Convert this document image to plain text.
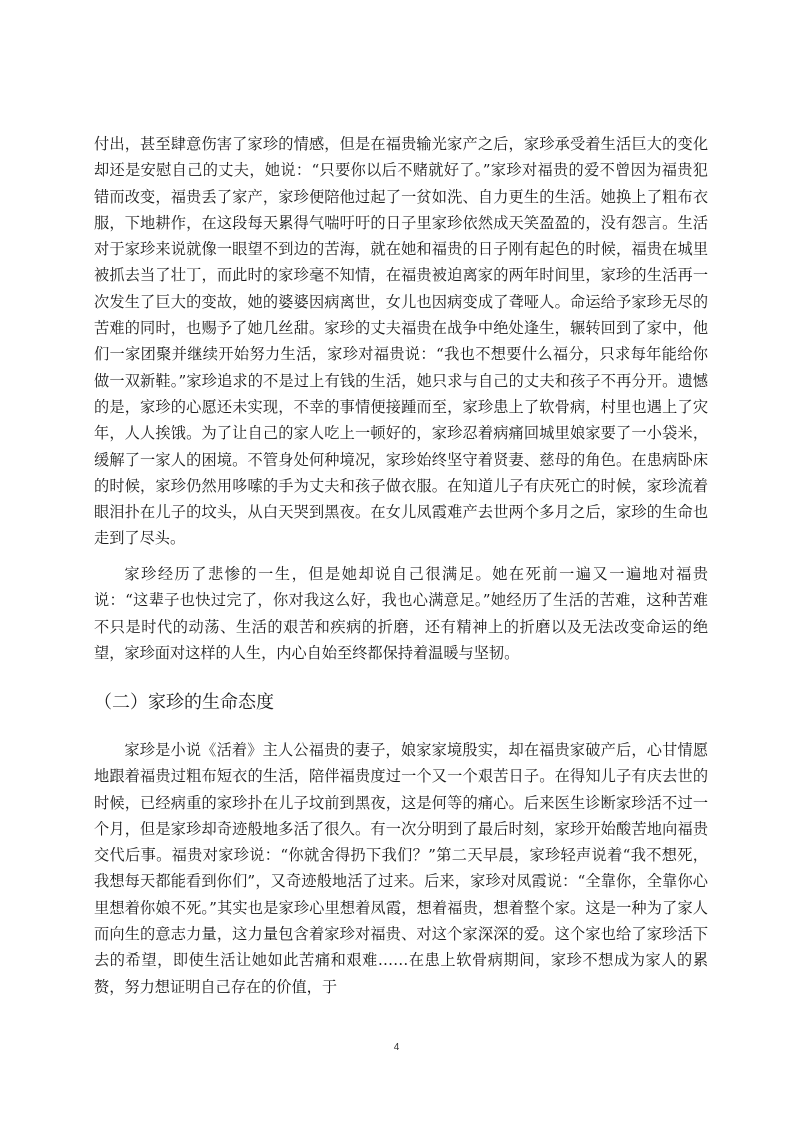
付出，甚至肆意伤害了家珍的情感，但是在福贵输光家产之后，家珍承受着生活巨大的变化却还是安慰自己的丈夫，她说：“只要你以后不赌就好了。”家珍对福贵的爱不曾因为福贵犯错而改变，福贵丢了家产，家珍便陪他过起了一贫如洗、自力更生的生活。她换上了粗布衣服，下地耕作，在这段每天累得气喘吁吁的日子里家珍依然成天笑盈盈的，没有怨言。生活对于家珍来说就像一眼望不到边的苦海，就在她和福贵的日子刚有起色的时候，福贵在城里被抓去当了壮丁，而此时的家珍毫不知情，在福贵被迫离家的两年时间里，家珍的生活再一次发生了巨大的变故，她的婆婆因病离世，女儿也因病变成了聋哑人。命运给予家珍无尽的苦难的同时，也赐予了她几丝甜。家珍的丈夫福贵在战争中绝处逢生，辗转回到了家中，他们一家团聚并继续开始努力生活，家珍对福贵说：“我也不想要什么福分，只求每年能给你做一双新鞋。”家珍追求的不是过上有钱的生活，她只求与自己的丈夫和孩子不再分开。遗憾的是，家珍的心愿还未实现，不幸的事情便接踵而至，家珍患上了软骨病，村里也遇上了灾年，人人挨饿。为了让自己的家人吃上一顿好的，家珍忍着病痛回城里娘家要了一小袋米，缓解了一家人的困境。不管身处何种境况，家珍始终坚守着贤妻、慈母的角色。在患病卧床的时候，家珍仍然用哆嗦的手为丈夫和孩子做衣服。在知道儿子有庆死亡的时候，家珍流着眼泪扑在儿子的坟头，从白天哭到黑夜。在女儿凤霞难产去世两个多月之后，家珍的生命也走到了尽头。

家珍经历了悲惨的一生，但是她却说自己很满足。她在死前一遍又一遍地对福贵说：“这辈子也快过完了，你对我这么好，我也心满意足。”她经历了生活的苦难，这种苦难不只是时代的动荡、生活的艰苦和疾病的折磨，还有精神上的折磨以及无法改变命运的绝望，家珍面对这样的人生，内心自始至终都保持着温暖与坚韧。

（二）家珍的生命态度

家珍是小说《活着》主人公福贵的妻子，娘家家境殷实，却在福贵家破产后，心甘情愿地跟着福贵过粗布短衣的生活，陪伴福贵度过一个又一个艰苦日子。在得知儿子有庆去世的时候，已经病重的家珍扑在儿子坟前到黑夜，这是何等的痛心。后来医生诊断家珍活不过一个月，但是家珍却奇迹般地多活了很久。有一次分明到了最后时刻，家珍开始酸苦地向福贵交代后事。福贵对家珍说：“你就舍得扔下我们？”第二天早晨，家珍轻声说着“我不想死，我想每天都能看到你们”，又奇迹般地活了过来。后来，家珍对凤霞说：“全靠你，全靠你心里想着你娘不死。”其实也是家珍心里想着凤霞，想着福贵，想着整个家。这是一种为了家人而向生的意志力量，这力量包含着家珍对福贵、对这个家深深的爱。这个家也给了家珍活下去的希望，即使生活让她如此苦痛和艰难……在患上软骨病期间，家珍不想成为家人的累赘，努力想证明自己存在的价值，于

4
